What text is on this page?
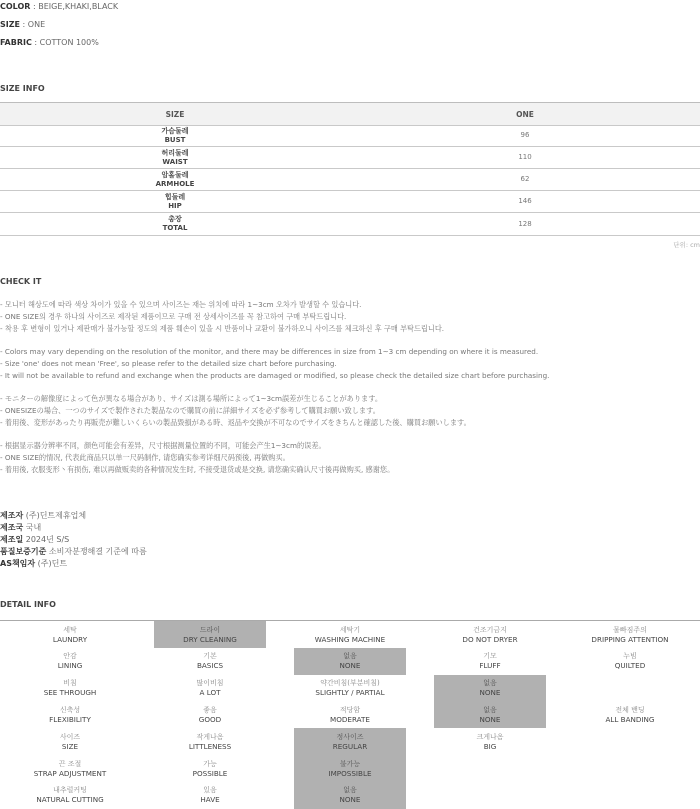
COLOR : BEIGE,KHAKI,BLACK
SIZE : ONE
FABRIC : COTTON 100%
SIZE INFO
SIZE	ONE
가슴둘레
BUST
96
허리둘레
WAIST
110
암홀둘레
ARMHOLE
62
힙둘레
HIP
146
총장
TOTAL
128
단위: cm
CHECK IT
- 모니터 해상도에 따라 색상 차이가 있을 수 있으며 사이즈는 재는 위치에 따라 1~3cm 오차가 발생할 수 있습니다.
- ONE SIZE의 경우 하나의 사이즈로 제작된 제품이므로 구매 전 상세사이즈를 꼭 참고하여 구매 부탁드립니다.
- 착용 후 변형이 있거나 제판매가 불가능할 정도의 제품 훼손이 있을 시 반품이나 교환이 불가하오니 사이즈를 체크하신 후 구매 부탁드립니다.
- Colors may vary depending on the resolution of the monitor, and there may be differences in size from 1~3 cm depending on where it is measured.
- Size 'one' does not mean 'Free', so please refer to the detailed size chart before purchasing.
- It will not be available to refund and exchange when the products are damaged or modified, so please check the detailed size chart before purchasing.
- モニターの解像度によって色が異なる場合があり、サイズは測る場所によって1~3cm誤差が生じることがあります。
- ONESIZEの場合、一つのサイズで製作された製品なので購買の前に詳細サイズを必ず参考して購買お願い致します。
- 着用後、変形があったり再販売が難しいくらいの製品毀損がある時、返品や交換が不可なのでサイズをきちんと確認した後、購買お願いします。
- 根据显示器分辨率不同，颜色可能会有差异，尺寸根据测量位置的不同，可能会产生1~3cm的误差。
- ONE SIZE的情况, 代表此商品只以单一尺码制作, 请您确实参考详细尺码预後, 再做购买。
- 着用後, 衣服变形丶有损伤, 难以再做贩卖的各种情况发生时, 不接受退货或是交换, 请您确实确认尺寸後再做购买, 感谢您。
제조자 (주)딘트제휴업체
제조국 국내
제조일 2024년 S/S
품질보증기준 소비자분쟁해결 기준에 따름
AS책임자 (주)딘트
DETAIL INFO
세탁
LAUNDRY
드라이
DRY CLEANING
세탁기
WASHING MACHINE
건조기금지
DO NOT DRYER
물빠짐주의
DRIPPING ATTENTION
안감
LINING
기본
BASICS
없음
NONE
기모
FLUFF
누빔
QUILTED
비침
SEE THROUGH
많이비침
A LOT
약간비침(부분비침)
SLIGHTLY / PARTIAL
없음
NONE
신축성
FLEXIBILITY
좋음
GOOD
적당함
MODERATE
없음
NONE
전체 밴딩
ALL BANDING
사이즈
SIZE
작게나옴
LITTLENESS
정사이즈
REGULAR
크게나옴
BIG
끈 조절
STRAP ADJUSTMENT
가능
POSSIBLE
불가능
IMPOSSIBLE
내추럴커팅
NATURAL CUTTING
있음
HAVE
없음
NONE
